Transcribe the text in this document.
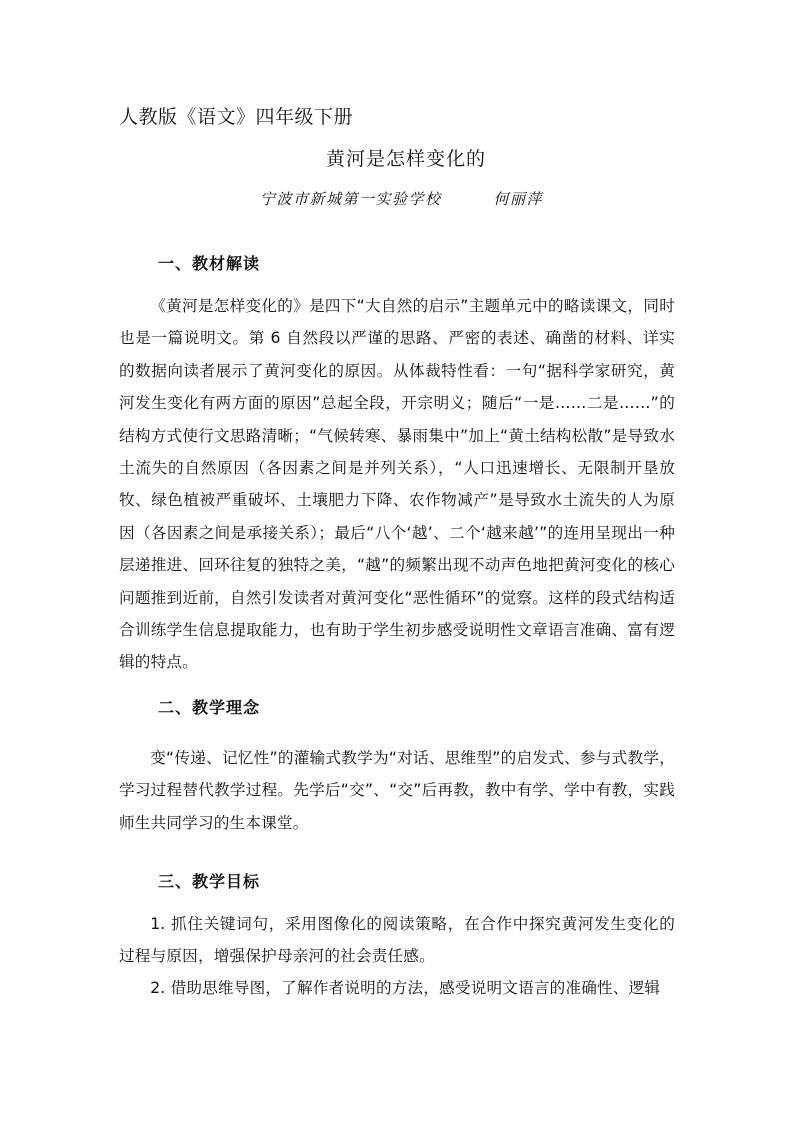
人教版《语文》四年级下册
黄河是怎样变化的
宁波市新城第一实验学校	何丽萍
一、教材解读
《黄河是怎样变化的》是四下“大自然的启示”主题单元中的略读课文，同时也是一篇说明文。第 6 自然段以严谨的思路、严密的表述、确凿的材料、详实的数据向读者展示了黄河变化的原因。从体裁特性看：一句“据科学家研究，黄河发生变化有两方面的原因”总起全段，开宗明义；随后“一是……二是……”的结构方式使行文思路清晰；“气候转寒、暴雨集中”加上“黄土结构松散”是导致水土流失的自然原因（各因素之间是并列关系），“人口迅速增长、无限制开垦放牧、绿色植被严重破坏、土壤肥力下降、农作物减产”是导致水土流失的人为原因（各因素之间是承接关系）；最后“八个‘越’、二个‘越来越’”的连用呈现出一种层递推进、回环往复的独特之美，“越”的频繁出现不动声色地把黄河变化的核心问题推到近前，自然引发读者对黄河变化“恶性循环”的觉察。这样的段式结构适合训练学生信息提取能力，也有助于学生初步感受说明性文章语言准确、富有逻辑的特点。
二、教学理念
变“传递、记忆性”的灌输式教学为“对话、思维型”的启发式、参与式教学，学习过程替代教学过程。先学后“交”、“交”后再教，教中有学、学中有教，实践师生共同学习的生本课堂。
三、教学目标
1. 抓住关键词句，采用图像化的阅读策略，在合作中探究黄河发生变化的过程与原因，增强保护母亲河的社会责任感。
2. 借助思维导图，了解作者说明的方法，感受说明文语言的准确性、逻辑
